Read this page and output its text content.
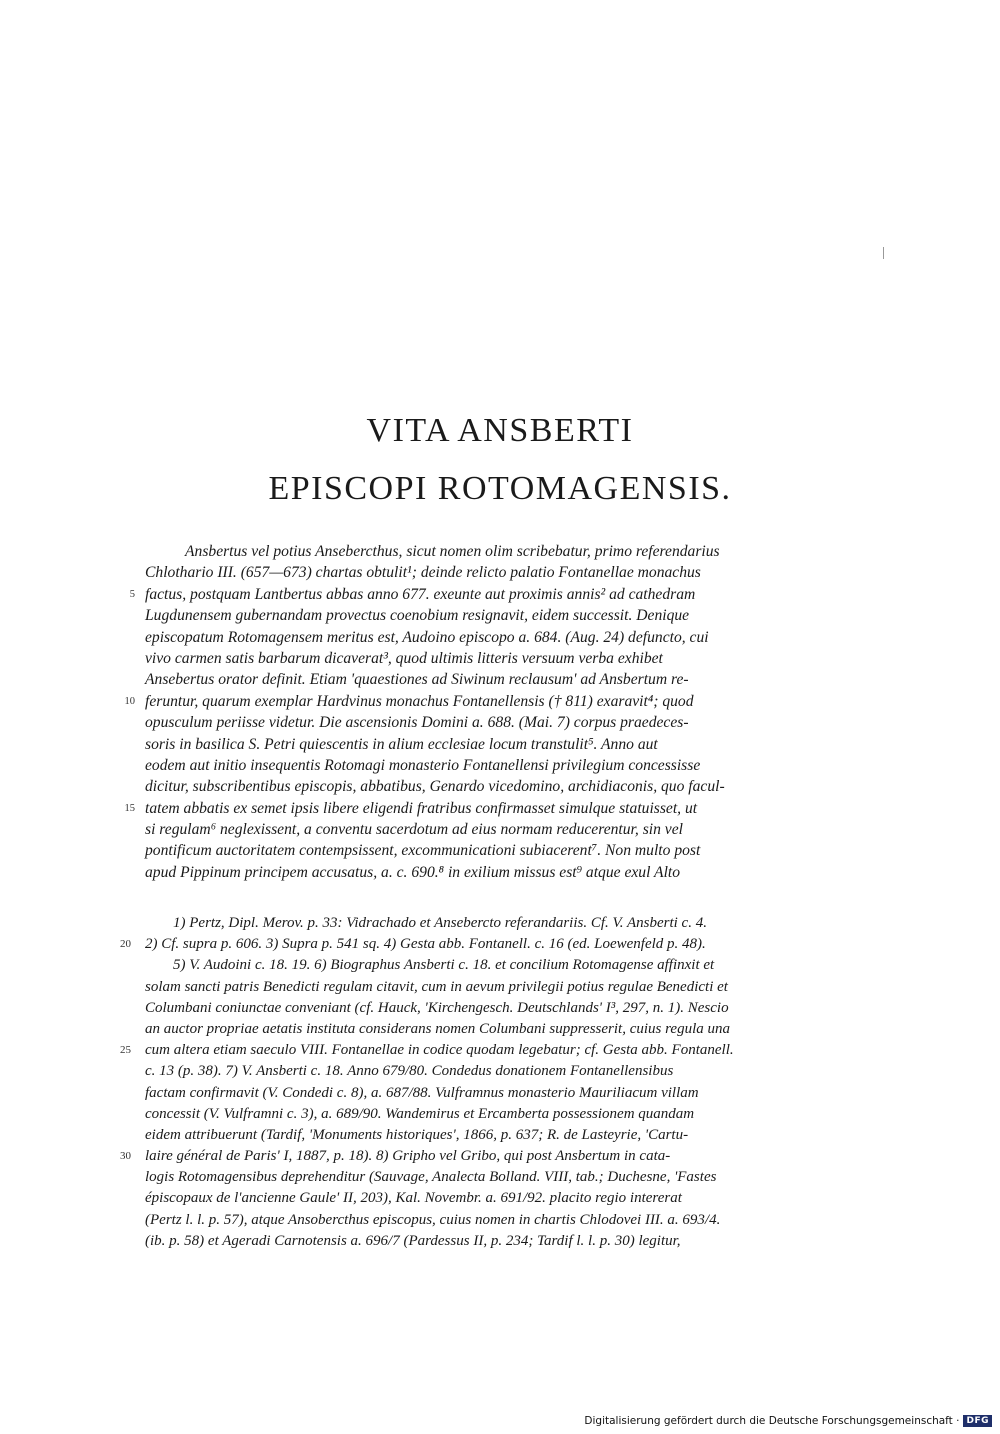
VITA ANSBERTI
EPISCOPI ROTOMAGENSIS.
Ansbertus vel potius Ansebercthus, sicut nomen olim scribebatur, primo referendarius
Chlothario III. (657—673) chartas obtulit¹; deinde relicto palatio Fontanellae monachus
5 factus, postquam Lantbertus abbas anno 677. exeunte aut proximis annis² ad cathedram
Lugdunensem gubernandam provectus coenobium resignavit, eidem successit. Denique
episcopatum Rotomagensem meritus est, Audoino episcopo a. 684. (Aug. 24) defuncto, cui
vivo carmen satis barbarum dicaverat³, quod ultimis litteris versuum verba exhibet
Ansebertus orator definit. Etiam 'quaestiones ad Siwinum reclausum' ad Ansbertum re-
10 feruntur, quarum exemplar Hardvinus monachus Fontanellensis († 811) exaravit⁴; quod
opusculum periisse videtur. Die ascensionis Domini a. 688. (Mai. 7) corpus praedeces-
soris in basilica S. Petri quiescentis in alium ecclesiae locum transtulit⁵. Anno aut
eodem aut initio insequentis Rotomagi monasterio Fontanellensi privilegium concessisse
dicitur, subscribentibus episcopis, abbatibus, Genardo vicedomino, archidiaconis, quo facul-
15 tatem abbatis ex semet ipsis libere eligendi fratribus confirmasset simulque statuisset, ut
si regulam⁶ neglexissent, a conventu sacerdotum ad eius normam reducerentur, sin vel
pontificum auctoritatem contempsissent, excommunicationi subiacerent⁷. Non multo post
apud Pippinum principem accusatus, a. c. 690.⁸ in exilium missus est⁹ atque exul Alto
1) Pertz, Dipl. Merov. p. 33: Vidrachado et Ansebercto referandariis. Cf. V. Ansberti c. 4.
20 2) Cf. supra p. 606. 3) Supra p. 541 sq. 4) Gesta abb. Fontanell. c. 16 (ed. Loewenfeld p. 48).
5) V. Audoini c. 18. 19. 6) Biographus Ansberti c. 18. et concilium Rotomagense affinxit et
solam sancti patris Benedicti regulam citavit, cum in aevum privilegii potius regulae Benedicti et
Columbani coniunctae conveniant (cf. Hauck, 'Kirchengesch. Deutschlands' I³, 297, n. 1). Nescio
an auctor propriae aetatis instituta considerans nomen Columbani suppresserit, cuius regula una
25 cum altera etiam saeculo VIII. Fontanellae in codice quodam legebatur; cf. Gesta abb. Fontanell.
c. 13 (p. 38). 7) V. Ansberti c. 18. Anno 679/80. Condedus donationem Fontanellensibus
factam confirmavit (V. Condedi c. 8), a. 687/88. Vulframnus monasterio Mauriliacum villam
concessit (V. Vulframni c. 3), a. 689/90. Wandemirus et Ercamberta possessionem quandam
eidem attribuerunt (Tardif, 'Monuments historiques', 1866, p. 637; R. de Lasteyrie, 'Cartu-
30 laire général de Paris' I, 1887, p. 18). 8) Gripho vel Gribo, qui post Ansbertum in cata-
logis Rotomagensibus deprehenditur (Sauvage, Analecta Bolland. VIII, tab.; Duchesne, 'Fastes
épiscopaux de l'ancienne Gaule' II, 203), Kal. Novembr. a. 691/92. placito regio intererat
(Pertz l. l. p. 57), atque Ansobercthus episcopus, cuius nomen in chartis Chlodovei III. a. 693/4.
(ib. p. 58) et Ageradi Carnotensis a. 696/7 (Pardessus II, p. 234; Tardif l. l. p. 30) legitur,
Digitalisierung gefördert durch die Deutsche Forschungsgemeinschaft · DFG
